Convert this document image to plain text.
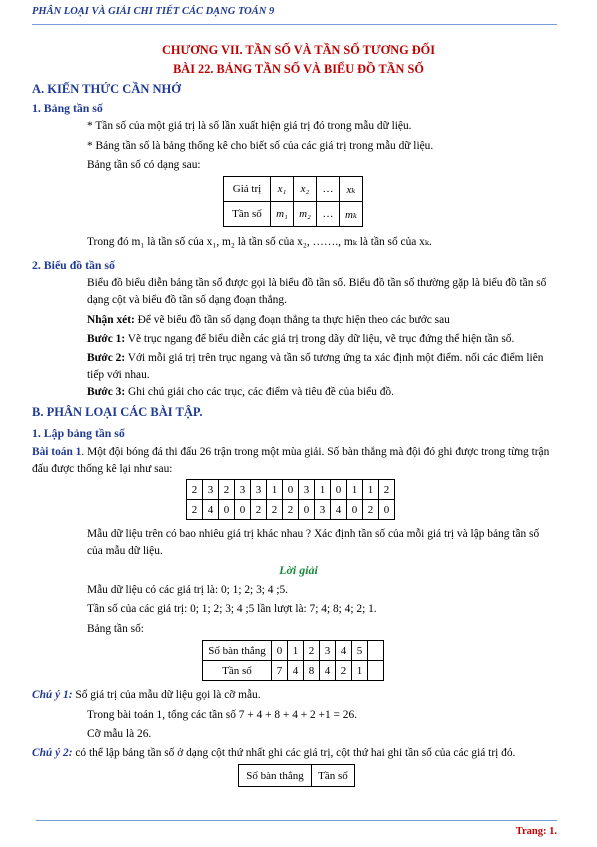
PHÂN LOẠI VÀ GIẢI CHI TIẾT CÁC DẠNG TOÁN 9
CHƯƠNG VII. TẦN SỐ VÀ TẦN SỐ TƯƠNG ĐỐI
BÀI 22. BẢNG TẦN SỐ VÀ BIỂU ĐỒ TẦN SỐ
A. KIẾN THỨC CẦN NHỚ
1. Bảng tần số
* Tần số của một giá trị là số lần xuất hiện giá trị đó trong mẫu dữ liệu.
* Bảng tần số là bảng thống kê cho biết số của các giá trị trong mẫu dữ liệu.
Bảng tần số có dạng sau:
Giá trị	x₁	x₂	…	xₖ
Tần số	m₁	m₂	…	mₖ
Trong đó m₁ là tần số của x₁, m₂ là tần số của x₂, ……., mₖ là tần số của xₖ.
2. Biểu đồ tần số
Biểu đồ biểu diễn bảng tần số được gọi là biểu đồ tần số. Biểu đồ tần số thường gặp là biểu đồ tần số dạng cột và biểu đồ tần số dạng đoạn thẳng.
Nhận xét: Để vẽ biểu đồ tần số dạng đoạn thẳng ta thực hiện theo các bước sau
Bước 1: Vẽ trục ngang để biểu diễn các giá trị trong dãy dữ liệu, vẽ trục đứng thể hiện tần số.
Bước 2: Với mỗi giá trị trên trục ngang và tần số tương ứng ta xác định một điểm. nối các điểm liên tiếp với nhau.
Bước 3: Ghi chú giải cho các trục, các điểm và tiêu đề của biểu đồ.
B. PHÂN LOẠI CÁC BÀI TẬP.
1. Lập bảng tần số
Bài toán 1. Một đội bóng đá thi đấu 26 trận trong một mùa giải. Số bàn thắng mà đội đó ghi được trong từng trận đấu được thống kê lại như sau:
2	3	2	3	3	1	0	3	1	0	1	1	2
2	4	0	0	2	2	2	0	3	4	0	2	0
Mẫu dữ liệu trên có bao nhiêu giá trị khác nhau ? Xác định tần số của mỗi giá trị và lập bảng tần số của mẫu dữ liệu.
Lời giải
Mẫu dữ liệu có các giá trị là: 0; 1; 2; 3; 4 ;5.
Tần số của các giá trị: 0; 1; 2; 3; 4 ;5 lần lượt là: 7; 4; 8; 4; 2; 1.
Bảng tần số:
Số bàn thắng	0	1	2	3	4	5	
Tần số	7	4	8	4	2	1	
Chú ý 1: Số giá trị của mẫu dữ liệu gọi là cỡ mẫu.
Trong bài toán 1, tổng các tần số 7 + 4 + 8 + 4 + 2 +1 = 26.
Cỡ mẫu là 26.
Chú ý 2: có thể lập bảng tần số ở dạng cột thứ nhất ghi các giá trị, cột thứ hai ghi tần số của các giá trị đó.
Số bàn thắng	Tần số
Trang: 1.
